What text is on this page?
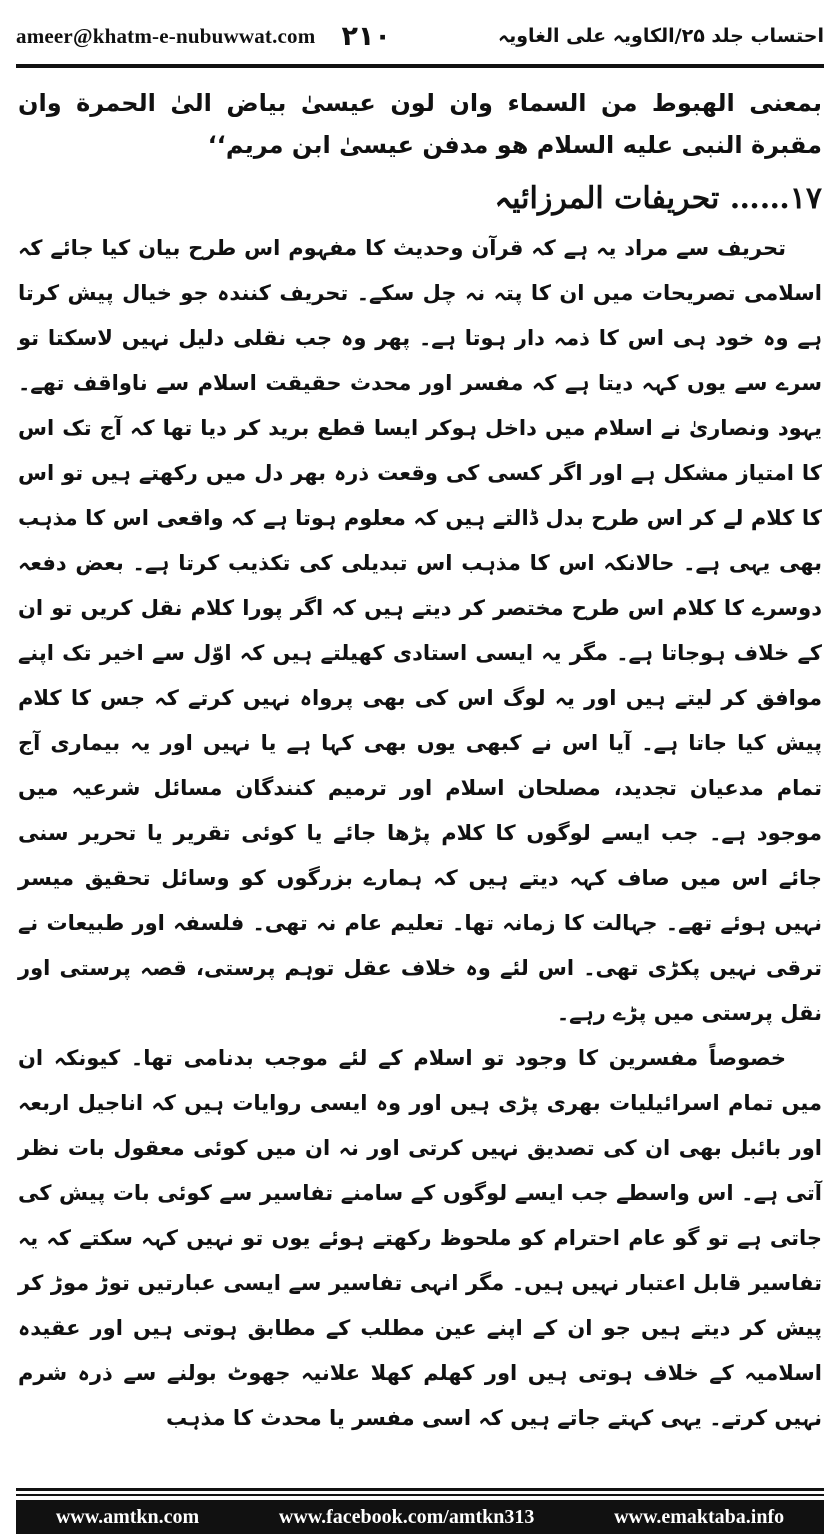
ameer@khatm-e-nubuwwat.com ۲۱۰	احتساب جلد ۲۵/الکاویہ علی الغاویہ

بمعنی الهبوط من السماء وان لون عیسیٰ بیاض الیٰ الحمرة وان مقبرة النبی علیه السلام هو مدفن عیسیٰ ابن مریم‘‘

۱۷…… تحریفات المرزائیہ

تحریف سے مراد یہ ہے کہ قرآن وحدیث کا مفہوم اس طرح بیان کیا جائے کہ اسلامی تصریحات میں ان کا پتہ نہ چل سکے۔ تحریف کنندہ جو خیال پیش کرتا ہے وہ خود ہی اس کا ذمہ دار ہوتا ہے۔ پھر وہ جب نقلی دلیل نہیں لاسکتا تو سرے سے یوں کہہ دیتا ہے کہ مفسر اور محدث حقیقت اسلام سے ناواقف تھے۔ یہود ونصاریٰ نے اسلام میں داخل ہوکر ایسا قطع برید کر دیا تھا کہ آج تک اس کا امتیاز مشکل ہے اور اگر کسی کی وقعت ذرہ بھر دل میں رکھتے ہیں تو اس کا کلام لے کر اس طرح بدل ڈالتے ہیں کہ معلوم ہوتا ہے کہ واقعی اس کا مذہب بھی یہی ہے۔ حالانکہ اس کا مذہب اس تبدیلی کی تکذیب کرتا ہے۔ بعض دفعہ دوسرے کا کلام اس طرح مختصر کر دیتے ہیں کہ اگر پورا کلام نقل کریں تو ان کے خلاف ہوجاتا ہے۔ مگر یہ ایسی استادی کھیلتے ہیں کہ اوّل سے اخیر تک اپنے موافق کر لیتے ہیں اور یہ لوگ اس کی بھی پرواہ نہیں کرتے کہ جس کا کلام پیش کیا جاتا ہے۔ آیا اس نے کبھی یوں بھی کہا ہے یا نہیں اور یہ بیماری آج تمام مدعیان تجدید، مصلحان اسلام اور ترمیم کنندگان مسائل شرعیہ میں موجود ہے۔ جب ایسے لوگوں کا کلام پڑھا جائے یا کوئی تقریر یا تحریر سنی جائے اس میں صاف کہہ دیتے ہیں کہ ہمارے بزرگوں کو وسائل تحقیق میسر نہیں ہوئے تھے۔ جہالت کا زمانہ تھا۔ تعلیم عام نہ تھی۔ فلسفہ اور طبیعات نے ترقی نہیں پکڑی تھی۔ اس لئے وہ خلاف عقل توہم پرستی، قصہ پرستی اور نقل پرستی میں پڑے رہے۔

خصوصاً مفسرین کا وجود تو اسلام کے لئے موجب بدنامی تھا۔ کیونکہ ان میں تمام اسرائیلیات بھری پڑی ہیں اور وہ ایسی روایات ہیں کہ اناجیل اربعہ اور بائبل بھی ان کی تصدیق نہیں کرتی اور نہ ان میں کوئی معقول بات نظر آتی ہے۔ اس واسطے جب ایسے لوگوں کے سامنے تفاسیر سے کوئی بات پیش کی جاتی ہے تو گو عام احترام کو ملحوظ رکھتے ہوئے یوں تو نہیں کہہ سکتے کہ یہ تفاسیر قابل اعتبار نہیں ہیں۔ مگر انہی تفاسیر سے ایسی عبارتیں توڑ موڑ کر پیش کر دیتے ہیں جو ان کے اپنے عین مطلب کے مطابق ہوتی ہیں اور عقیدہ اسلامیہ کے خلاف ہوتی ہیں اور کھلم کھلا علانیہ جھوٹ بولنے سے ذرہ شرم نہیں کرتے۔ یہی کہتے جاتے ہیں کہ اسی مفسر یا محدث کا مذہب

www.amtkn.com	www.facebook.com/amtkn313	www.emaktaba.info
